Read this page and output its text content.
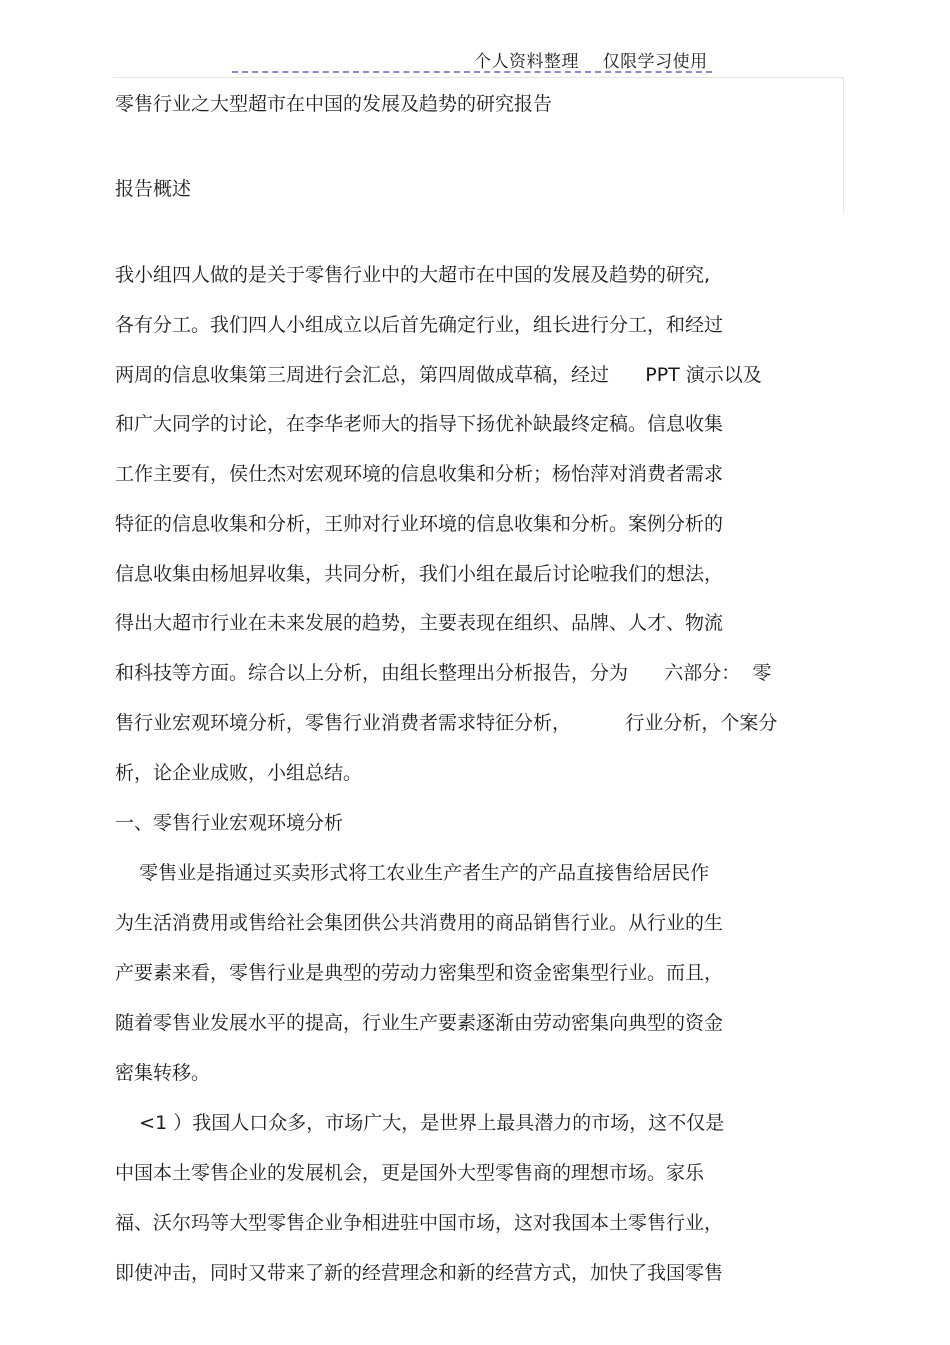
个人资料整理    仅限学习使用
零售行业之大型超市在中国的发展及趋势的研究报告
报告概述
我小组四人做的是关于零售行业中的大超市在中国的发展及趋势的研究,
各有分工。我们四人小组成立以后首先确定行业，组长进行分工，和经过
两周的信息收集第三周进行会汇总，第四周做成草稿，经过      PPT 演示以及
和广大同学的讨论，在李华老师大的指导下扬优补缺最终定稿。信息收集
工作主要有，侯仕杰对宏观环境的信息收集和分析；杨怡萍对消费者需求
特征的信息收集和分析，王帅对行业环境的信息收集和分析。案例分析的
信息收集由杨旭昇收集，共同分析，我们小组在最后讨论啦我们的想法，
得出大超市行业在未来发展的趋势，主要表现在组织、品牌、人才、物流
和科技等方面。综合以上分析，由组长整理出分析报告，分为      六部分：  零
售行业宏观环境分析，零售行业消费者需求特征分析，         行业分析，个案分
析，论企业成败，小组总结。
一、零售行业宏观环境分析
零售业是指通过买卖形式将工农业生产者生产的产品直接售给居民作
为生活消费用或售给社会集团供公共消费用的商品销售行业。从行业的生
产要素来看，零售行业是典型的劳动力密集型和资金密集型行业。而且，
随着零售业发展水平的提高，行业生产要素逐渐由劳动密集向典型的资金
密集转移。
<1 ）我国人口众多，市场广大，是世界上最具潜力的市场，这不仅是
中国本土零售企业的发展机会，更是国外大型零售商的理想市场。家乐
福、沃尔玛等大型零售企业争相进驻中国市场，这对我国本土零售行业，
即使冲击，同时又带来了新的经营理念和新的经营方式，加快了我国零售
